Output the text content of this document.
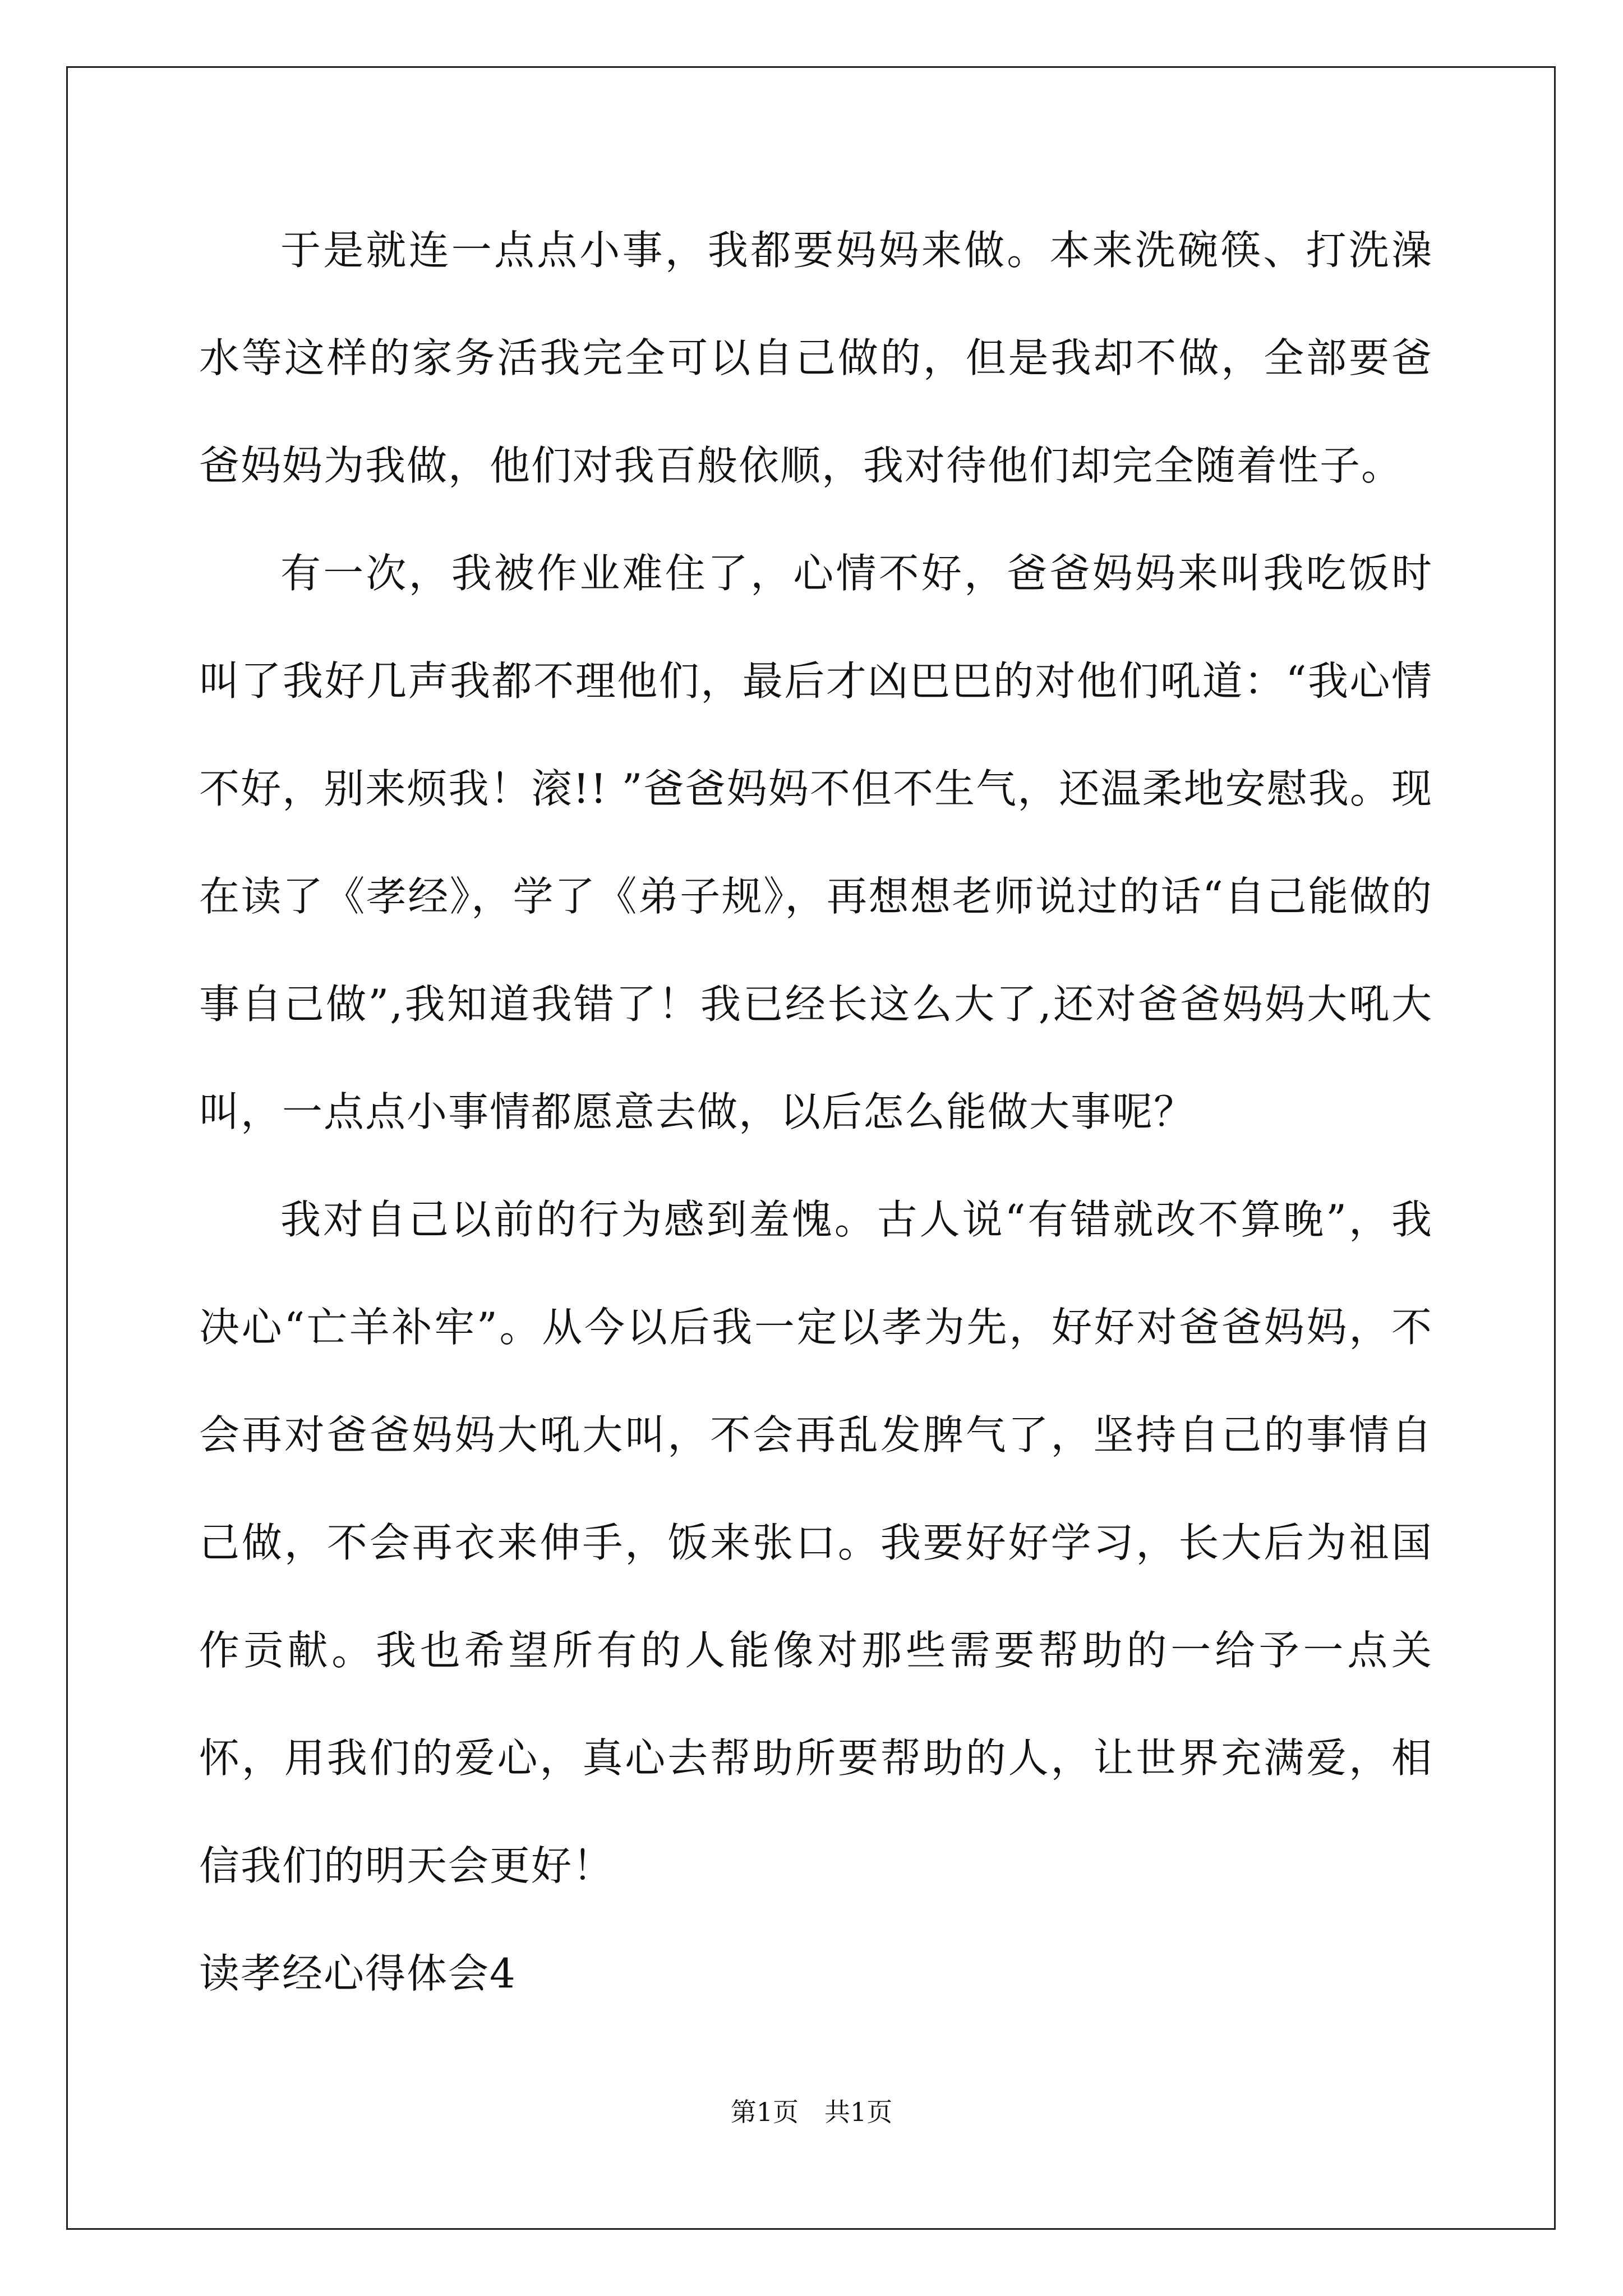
于是就连一点点小事，我都要妈妈来做。本来洗碗筷、打洗澡水等这样的家务活我完全可以自己做的，但是我却不做，全部要爸爸妈妈为我做，他们对我百般依顺，我对待他们却完全随着性子。

有一次，我被作业难住了，心情不好，爸爸妈妈来叫我吃饭时叫了我好几声我都不理他们，最后才凶巴巴的对他们吼道：“我心情不好，别来烦我！滚!! ”爸爸妈妈不但不生气，还温柔地安慰我。现在读了《孝经》，学了《弟子规》，再想想老师说过的话“自己能做的事自己做”,我知道我错了！我已经长这么大了,还对爸爸妈妈大吼大叫，一点点小事情都愿意去做，以后怎么能做大事呢？

我对自己以前的行为感到羞愧。古人说“有错就改不算晚”，我决心“亡羊补牢”。从今以后我一定以孝为先，好好对爸爸妈妈，不会再对爸爸妈妈大吼大叫，不会再乱发脾气了，坚持自己的事情自己做，不会再衣来伸手，饭来张口。我要好好学习，长大后为祖国作贡献。我也希望所有的人能像对那些需要帮助的一给予一点关怀，用我们的爱心，真心去帮助所要帮助的人，让世界充满爱，相信我们的明天会更好！

读孝经心得体会4

第1页　共1页
